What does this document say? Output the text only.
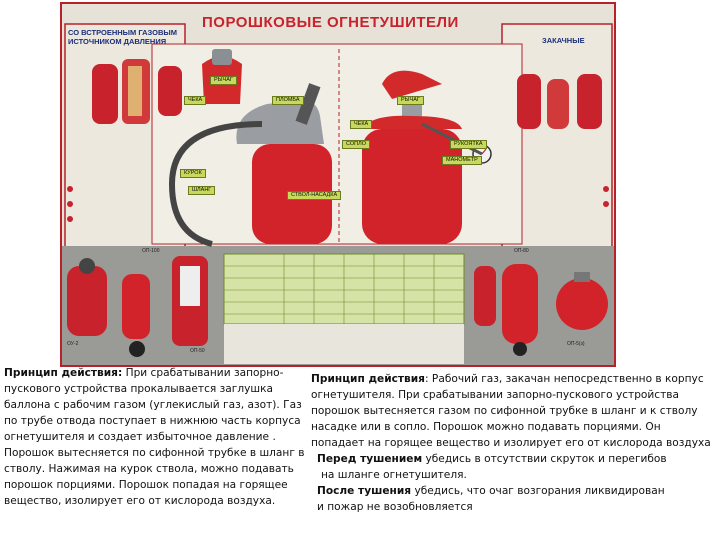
ПОРОШКОВЫЕ ОГНЕТУШИТЕЛИ
СО ВСТРОЕННЫМ ГАЗОВЫМ ИСТОЧНИКОМ ДАВЛЕНИЯ	ЗАКАЧНЫЕ
РЫЧАГ
ЧЕКА	ПЛОМБА
КУРОК
ШЛАНГ
СТВОЛ-НАСАДКА
РЫЧАГ
ЧЕКА
СОПЛО	РУКОЯТКА
МАНОМЕТР
ОП-100
ОУ-2
ОП-50
ОП-80
ОП-5(з)

Принцип действия: При срабатывании запорно-пускового устройства прокалывается заглушка баллона с рабочим газом (углекислый газ, азот). Газ по трубе отвода поступает в нижнюю часть корпуса огнетушителя и создает избыточное давление . Порошок вытесняется по сифонной трубке в шланг в стволу. Нажимая на курок ствола, можно подавать порошок порциями. Порошок попадая на горящее вещество, изолирует его от кислорода воздуха.

Принцип действия: Рабочий газ, закачан непосредственно в корпус огнетушителя. При срабатывании запорно-пускового устройства порошок вытесняется газом по сифонной трубке в шланг и к стволу насадке или в сопло. Порошок можно подавать порциями. Он попадает на горящее вещество и изолирует его от кислорода воздуха

Перед тушением убедись в отсутствии скруток и перегибов

на шланге огнетушителя.

После тушения убедись, что очаг возгорания ликвидирован

и пожар не возобновляется
